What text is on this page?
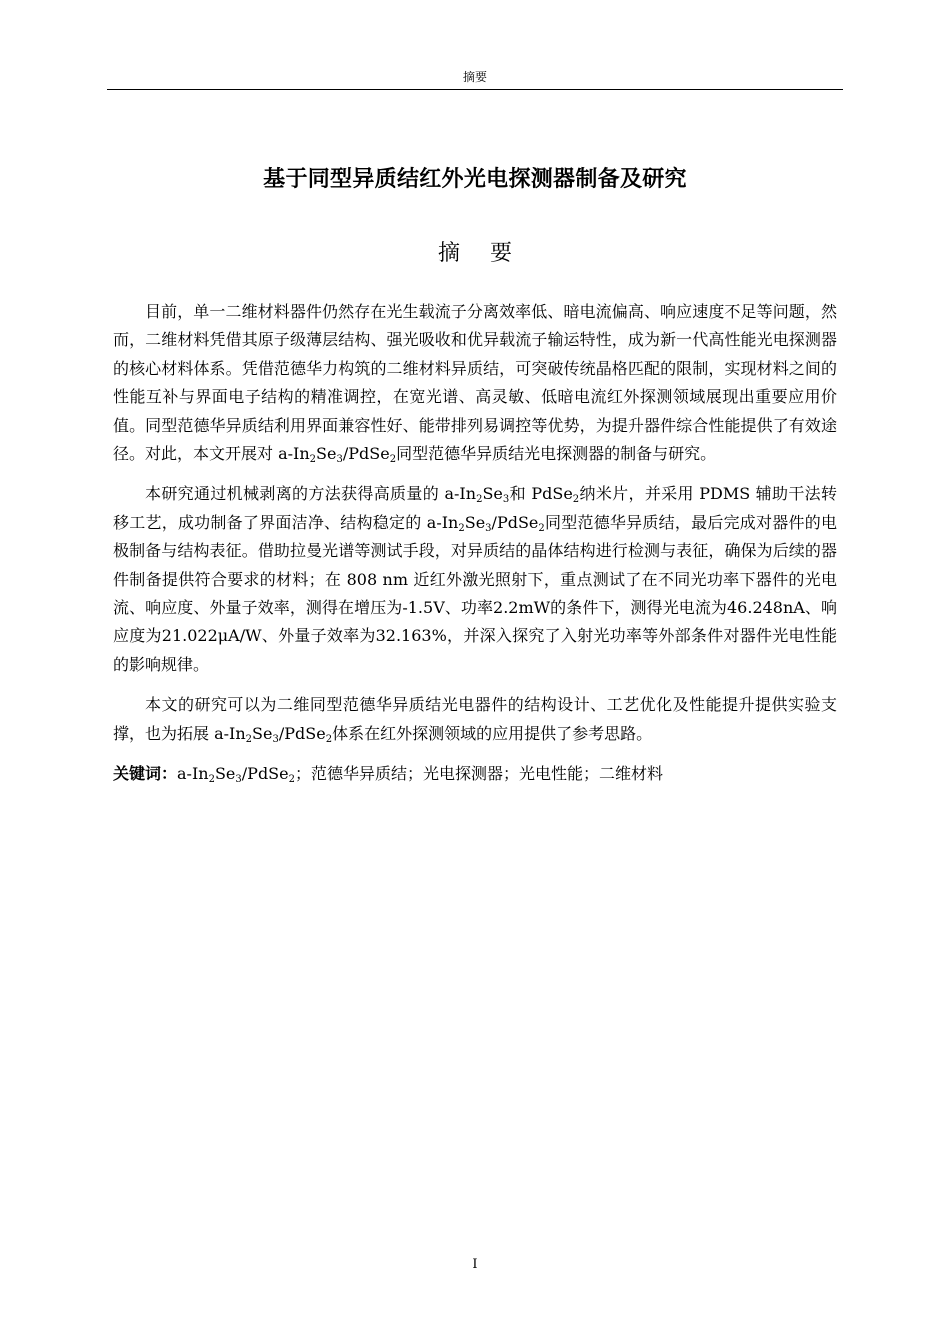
摘要
基于同型异质结红外光电探测器制备及研究
摘要

目前，单一二维材料器件仍然存在光生载流子分离效率低、暗电流偏高、响应速度不足等问题，然而，二维材料凭借其原子级薄层结构、强光吸收和优异载流子输运特性，成为新一代高性能光电探测器的核心材料体系。凭借范德华力构筑的二维材料异质结，可突破传统晶格匹配的限制，实现材料之间的性能互补与界面电子结构的精准调控，在宽光谱、高灵敏、低暗电流红外探测领域展现出重要应用价值。同型范德华异质结利用界面兼容性好、能带排列易调控等优势，为提升器件综合性能提供了有效途径。对此，本文开展对 $a-In_2Se_3/PdSe_2$同型范德华异质结光电探测器的制备与研究。

本研究通过机械剥离的方法获得高质量的 $a-In_2Se_3$和 PdSe$_2$纳米片，并采用 PDMS 辅助干法转移工艺，成功制备了界面洁净、结构稳定的 $a-In_2Se_3/PdSe_2$同型范德华异质结，最后完成对器件的电极制备与结构表征。借助拉曼光谱等测试手段，对异质结的晶体结构进行检测与表征，确保为后续的器件制备提供符合要求的材料；在 808 nm 近红外激光照射下，重点测试了在不同光功率下器件的光电流、响应度、外量子效率，测得在增压为-1.5V、功率2.2mW的条件下，测得光电流为46.248nA、响应度为21.022μA/W、外量子效率为32.163%，并深入探究了入射光功率等外部条件对器件光电性能的影响规律。

本文的研究可以为二维同型范德华异质结光电器件的结构设计、工艺优化及性能提升提供实验支撑，也为拓展 $a-In_2Se_3/PdSe_2$体系在红外探测领域的应用提供了参考思路。

关键词：$a-In_2Se_3/PdSe_2$；范德华异质结；光电探测器；光电性能；二维材料

I
